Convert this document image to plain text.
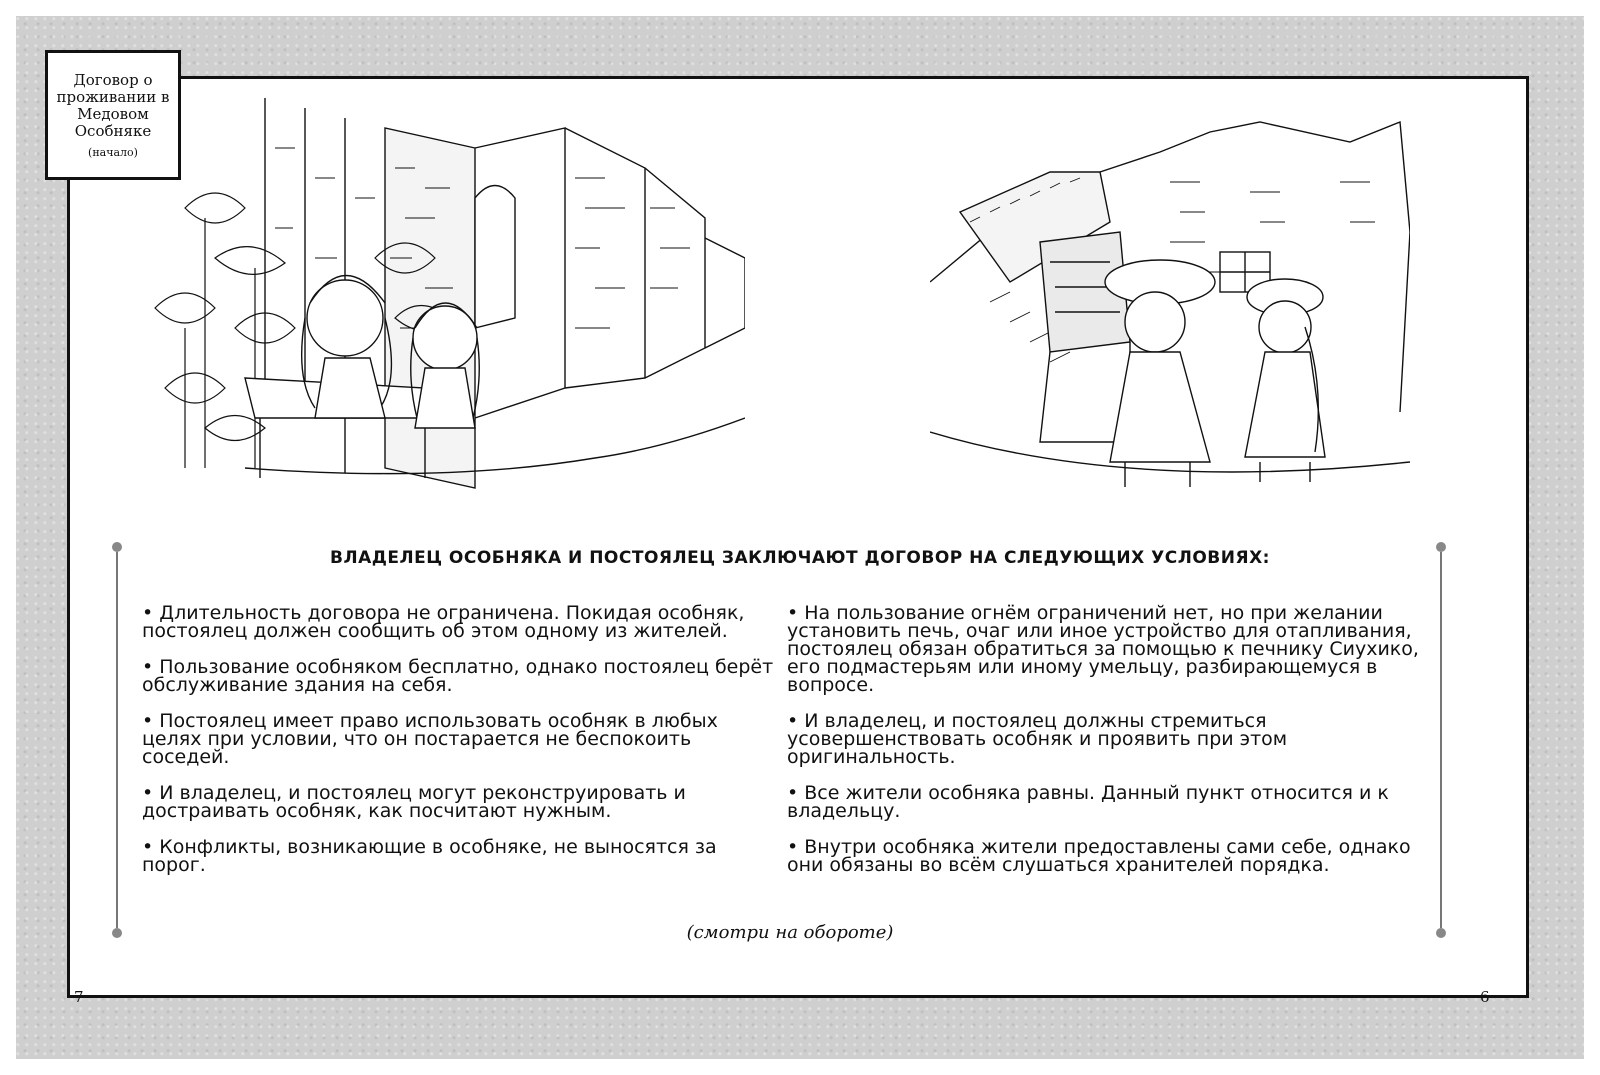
Договор о проживании в Медовом Особняке
(начало)
ВЛАДЕЛЕЦ ОСОБНЯКА И ПОСТОЯЛЕЦ ЗАКЛЮЧАЮТ ДОГОВОР НА СЛЕДУЮЩИХ УСЛОВИЯХ:
• Длительность договора не ограничена. Покидая особняк, постоялец должен сообщить об этом одному из жителей.
• Пользование особняком бесплатно, однако постоялец берёт обслуживание здания на себя.
• Постоялец имеет право использовать особняк в любых целях при условии, что он постарается не беспокоить соседей.
• И владелец, и постоялец могут реконструировать и достраивать особняк, как посчитают нужным.
• Конфликты, возникающие в особняке, не выносятся за порог.
• На пользование огнём ограничений нет, но при желании установить печь, очаг или иное устройство для отапливания, постоялец обязан обратиться за помощью к печнику Сиухико, его подмастерьям или иному умельцу, разбирающемуся в вопросе.
• И владелец, и постоялец должны стремиться усовершенствовать особняк и проявить при этом оригинальность.
• Все жители особняка равны. Данный пункт относится и к владельцу.
• Внутри особняка жители предоставлены сами себе, однако они обязаны во всём слушаться хранителей порядка.
(смотри на обороте)
7	6
